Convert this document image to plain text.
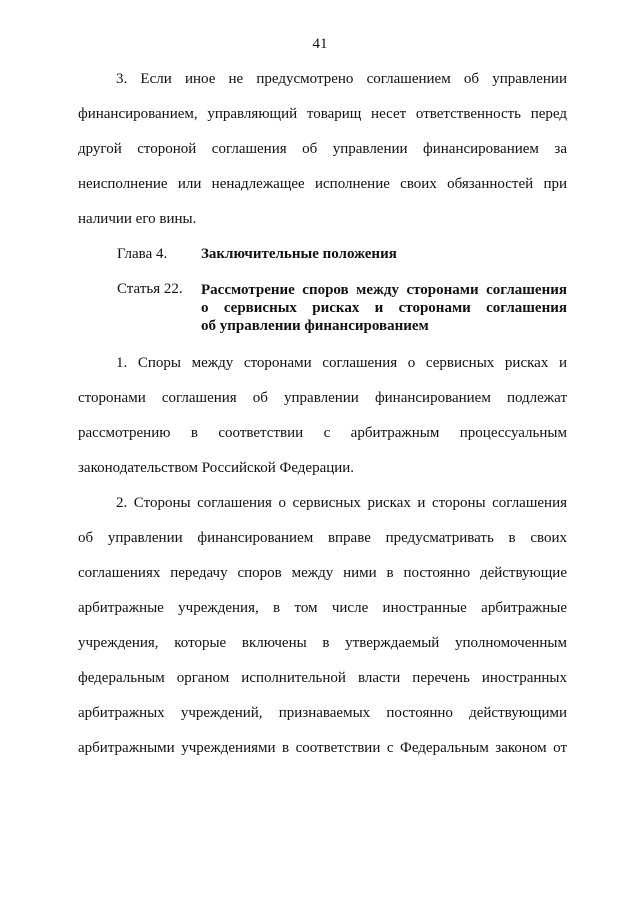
41
3. Если иное не предусмотрено соглашением об управлении
финансированием, управляющий товарищ несет ответственность перед
другой стороной соглашения об управлении финансированием за
неисполнение или ненадлежащее исполнение своих обязанностей при
наличии его вины.
Глава 4. Заключительные положения
Статья 22. Рассмотрение споров между сторонами соглашения
о сервисных рисках и сторонами соглашения
об управлении финансированием
1. Споры между сторонами соглашения о сервисных рисках и
сторонами соглашения об управлении финансированием подлежат
рассмотрению в соответствии с арбитражным процессуальным
законодательством Российской Федерации.
2. Стороны соглашения о сервисных рисках и стороны соглашения
об управлении финансированием вправе предусматривать в своих
соглашениях передачу споров между ними в постоянно действующие
арбитражные учреждения, в том числе иностранные арбитражные
учреждения, которые включены в утверждаемый уполномоченным
федеральным органом исполнительной власти перечень иностранных
арбитражных учреждений, признаваемых постоянно действующими
арбитражными учреждениями в соответствии с Федеральным законом от
